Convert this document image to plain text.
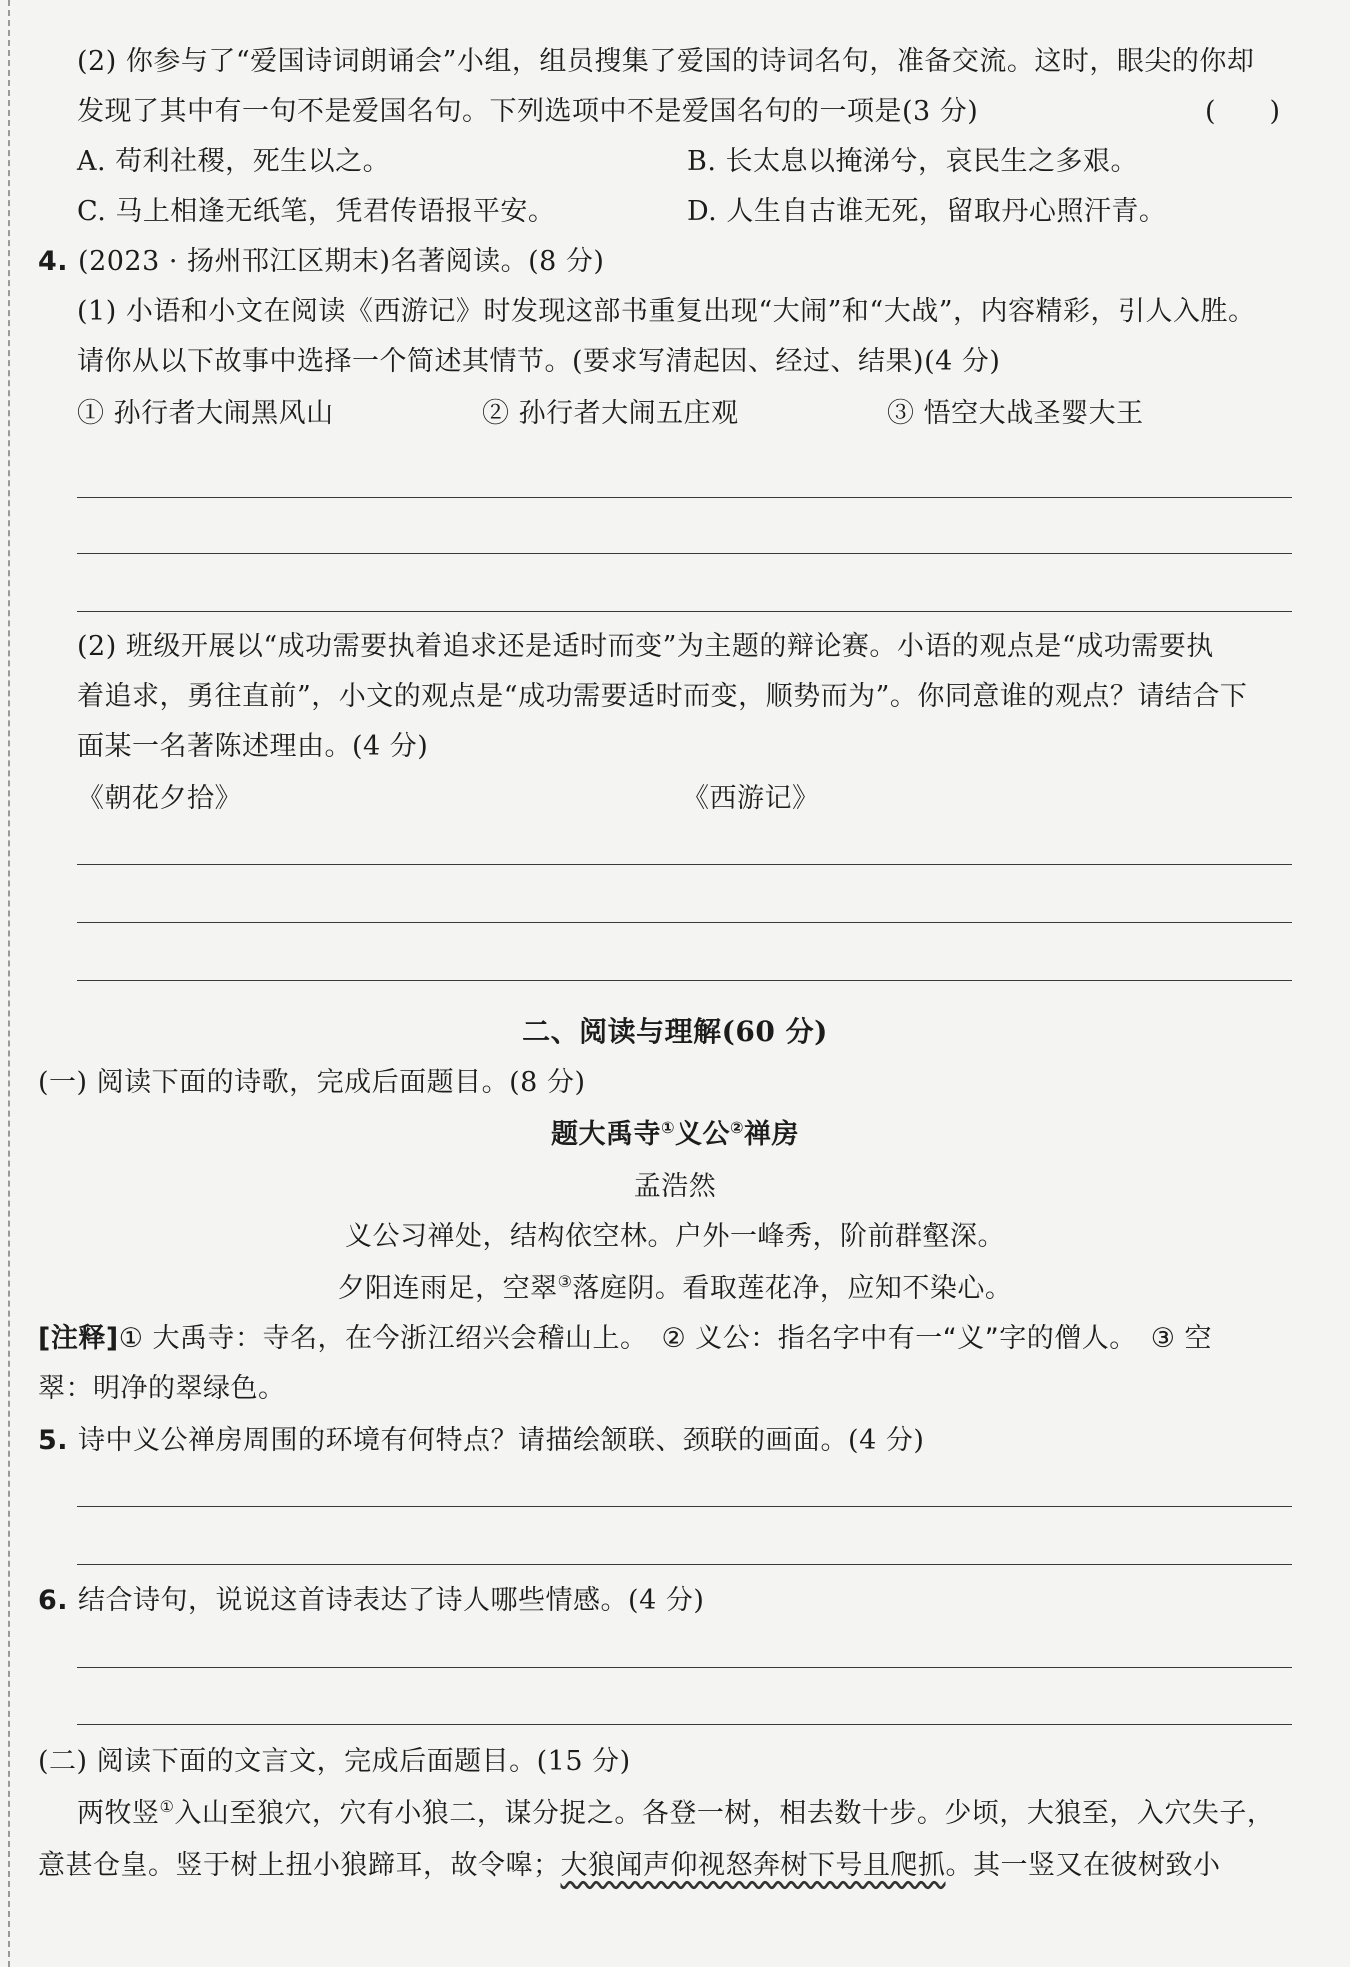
(2) 你参与了“爱国诗词朗诵会”小组，组员搜集了爱国的诗词名句，准备交流。这时，眼尖的你却
发现了其中有一句不是爱国名句。下列选项中不是爱国名句的一项是(3 分)	(　　)
A. 苟利社稷，死生以之。	B. 长太息以掩涕兮，哀民生之多艰。
C. 马上相逢无纸笔，凭君传语报平安。	D. 人生自古谁无死，留取丹心照汗青。
4. (2023 · 扬州邗江区期末)名著阅读。(8 分)
(1) 小语和小文在阅读《西游记》时发现这部书重复出现“大闹”和“大战”，内容精彩，引人入胜。
请你从以下故事中选择一个简述其情节。(要求写清起因、经过、结果)(4 分)
① 孙行者大闹黑风山	② 孙行者大闹五庄观	③ 悟空大战圣婴大王
(2) 班级开展以“成功需要执着追求还是适时而变”为主题的辩论赛。小语的观点是“成功需要执
着追求，勇往直前”，小文的观点是“成功需要适时而变，顺势而为”。你同意谁的观点？请结合下
面某一名著陈述理由。(4 分)
《朝花夕拾》	《西游记》
二、阅读与理解(60 分)
(一) 阅读下面的诗歌，完成后面题目。(8 分)
题大禹寺①义公②禅房
孟浩然
义公习禅处，结构依空林。户外一峰秀，阶前群壑深。
夕阳连雨足，空翠③落庭阴。看取莲花净，应知不染心。
[注释]① 大禹寺：寺名，在今浙江绍兴会稽山上。　② 义公：指名字中有一“义”字的僧人。　③ 空
翠：明净的翠绿色。
5. 诗中义公禅房周围的环境有何特点？请描绘颔联、颈联的画面。(4 分)
6. 结合诗句，说说这首诗表达了诗人哪些情感。(4 分)
(二) 阅读下面的文言文，完成后面题目。(15 分)
两牧竖①入山至狼穴，穴有小狼二，谋分捉之。各登一树，相去数十步。少顷，大狼至，入穴失子，
意甚仓皇。竖于树上扭小狼蹄耳，故令嗥；大狼闻声仰视怒奔树下号且爬抓。其一竖又在彼树致小
